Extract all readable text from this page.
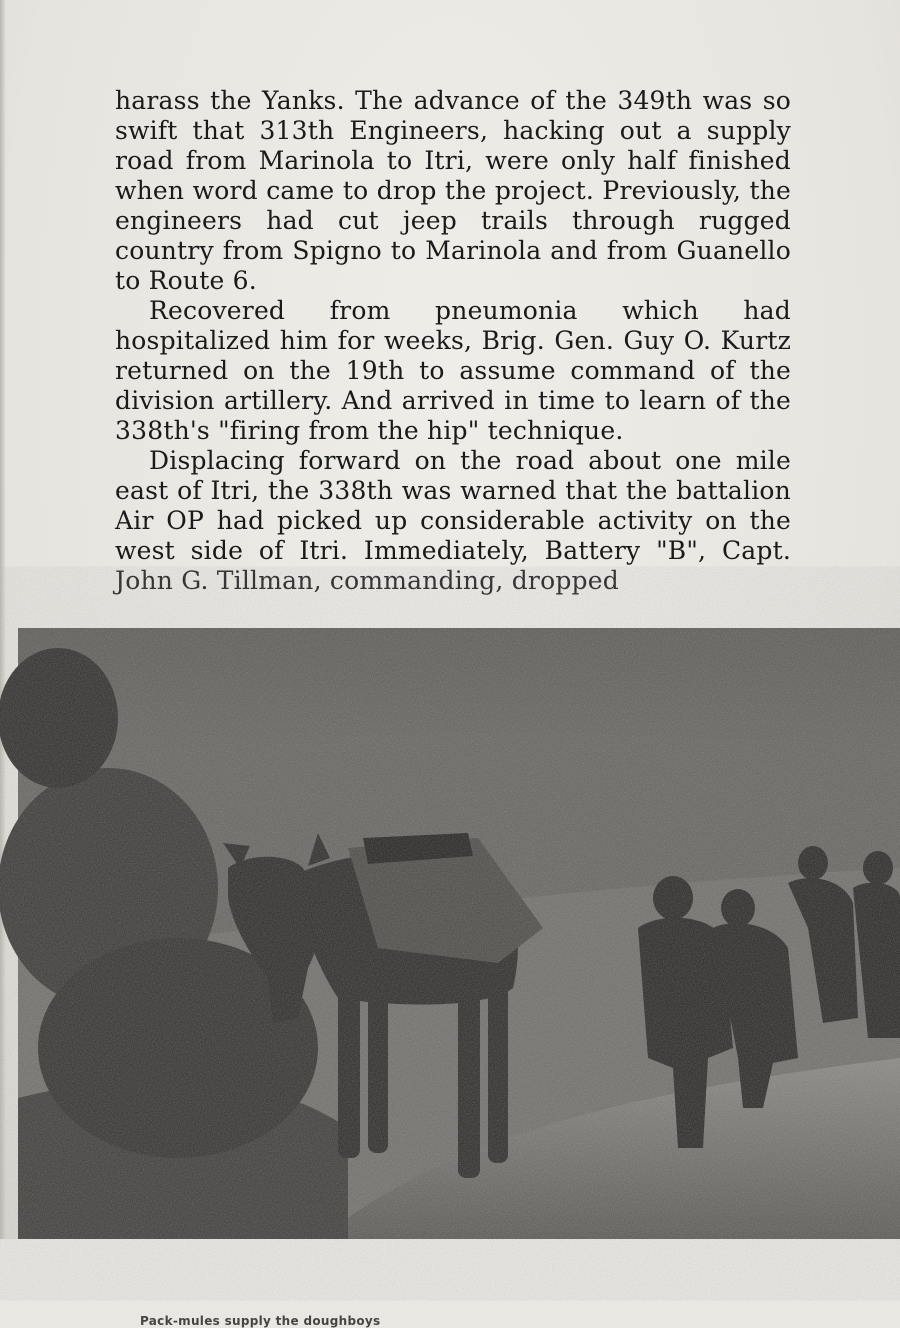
harass the Yanks. The advance of the 349th was so swift that 313th Engineers, hacking out a supply road from Marinola to Itri, were only half finished when word came to drop the project. Previously, the engineers had cut jeep trails through rugged country from Spigno to Marinola and from Guanello to Route 6.

Recovered from pneumonia which had hospitalized him for weeks, Brig. Gen. Guy O. Kurtz returned on the 19th to assume command of the division artillery. And arrived in time to learn of the 338th's "firing from the hip" technique.

Displacing forward on the road about one mile east of Itri, the 338th was warned that the battalion Air OP had picked up considerable activity on the west side of Itri. Immediately, Battery "B", Capt. John G. Tillman, commanding, dropped

Pack-mules supply the doughboys
